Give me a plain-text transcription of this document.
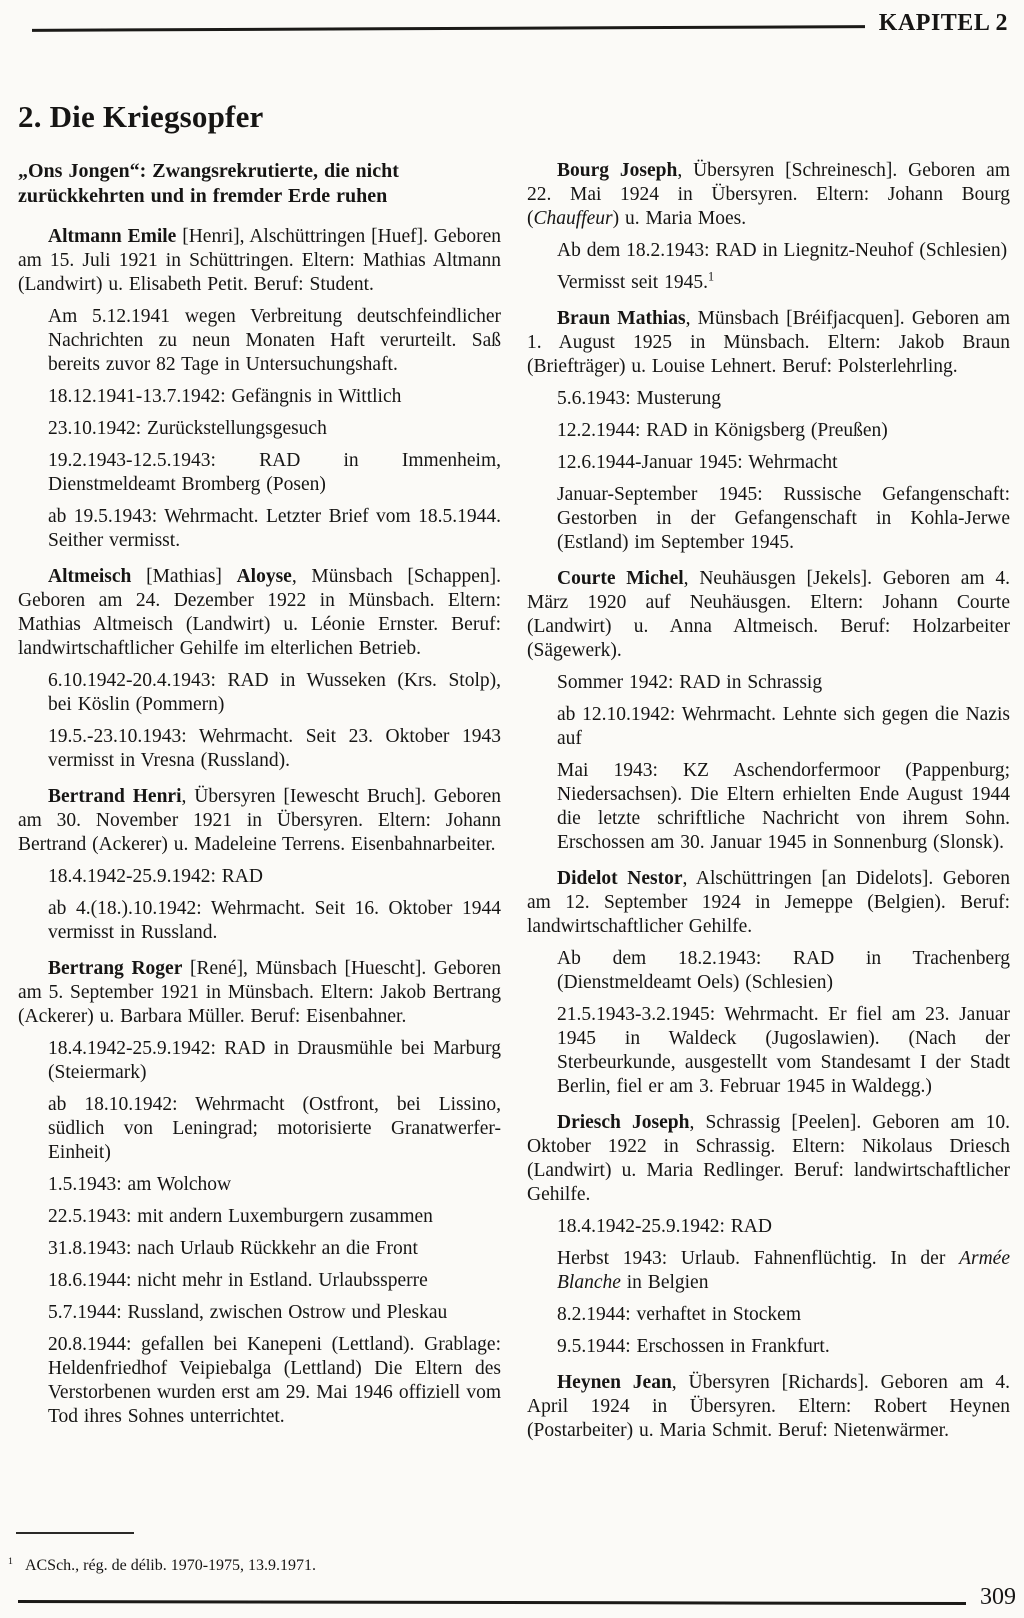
KAPITEL 2
2. Die Kriegsopfer

„Ons Jongen“: Zwangsrekrutierte, die nicht zurückkehrten und in fremder Erde ruhen

Altmann Emile [Henri], Alschüttringen [Huef]. Geboren am 15. Juli 1921 in Schüttringen. Eltern: Mathias Altmann (Landwirt) u. Elisabeth Petit. Beruf: Student.

Am 5.12.1941 wegen Verbreitung deutschfeindlicher Nachrichten zu neun Monaten Haft verurteilt. Saß bereits zuvor 82 Tage in Untersuchungshaft.

18.12.1941-13.7.1942: Gefängnis in Wittlich

23.10.1942: Zurückstellungsgesuch

19.2.1943-12.5.1943: RAD in Immenheim, Dienstmeldeamt Bromberg (Posen)

ab 19.5.1943: Wehrmacht. Letzter Brief vom 18.5.1944. Seither vermisst.

Altmeisch [Mathias] Aloyse, Münsbach [Schappen]. Geboren am 24. Dezember 1922 in Münsbach. Eltern: Mathias Altmeisch (Landwirt) u. Léonie Ernster. Beruf: landwirtschaftlicher Gehilfe im elterlichen Betrieb.

6.10.1942-20.4.1943: RAD in Wusseken (Krs. Stolp), bei Köslin (Pommern)

19.5.-23.10.1943: Wehrmacht. Seit 23. Oktober 1943 vermisst in Vresna (Russland).

Bertrand Henri, Übersyren [Iewescht Bruch]. Geboren am 30. November 1921 in Übersyren. Eltern: Johann Bertrand (Ackerer) u. Madeleine Terrens. Eisenbahnarbeiter.

18.4.1942-25.9.1942: RAD

ab 4.(18.).10.1942: Wehrmacht. Seit 16. Oktober 1944 vermisst in Russland.

Bertrang Roger [René], Münsbach [Huescht]. Geboren am 5. September 1921 in Münsbach. Eltern: Jakob Bertrang (Ackerer) u. Barbara Müller. Beruf: Eisenbahner.

18.4.1942-25.9.1942: RAD in Drausmühle bei Marburg (Steiermark)

ab 18.10.1942: Wehrmacht (Ostfront, bei Lissino, südlich von Leningrad; motorisierte Granatwerfer-Einheit)

1.5.1943: am Wolchow

22.5.1943: mit andern Luxemburgern zusammen

31.8.1943: nach Urlaub Rückkehr an die Front

18.6.1944: nicht mehr in Estland. Urlaubssperre

5.7.1944: Russland, zwischen Ostrow und Pleskau

20.8.1944: gefallen bei Kanepeni (Lettland). Grablage: Heldenfriedhof Veipiebalga (Lettland) Die Eltern des Verstorbenen wurden erst am 29. Mai 1946 offiziell vom Tod ihres Sohnes unterrichtet.

Bourg Joseph, Übersyren [Schreinesch]. Geboren am 22. Mai 1924 in Übersyren. Eltern: Johann Bourg (Chauffeur) u. Maria Moes.

Ab dem 18.2.1943: RAD in Liegnitz-Neuhof (Schlesien)

Vermisst seit 1945.$^1$

Braun Mathias, Münsbach [Bréifjacquen]. Geboren am 1. August 1925 in Münsbach. Eltern: Jakob Braun (Briefträger) u. Louise Lehnert. Beruf: Polsterlehrling.

5.6.1943: Musterung

12.2.1944: RAD in Königsberg (Preußen)

12.6.1944-Januar 1945: Wehrmacht

Januar-September 1945: Russische Gefangenschaft: Gestorben in der Gefangenschaft in Kohla-Jerwe (Estland) im September 1945.

Courte Michel, Neuhäusgen [Jekels]. Geboren am 4. März 1920 auf Neuhäusgen. Eltern: Johann Courte (Landwirt) u. Anna Altmeisch. Beruf: Holzarbeiter (Sägewerk).

Sommer 1942: RAD in Schrassig

ab 12.10.1942: Wehrmacht. Lehnte sich gegen die Nazis auf

Mai 1943: KZ Aschendorfermoor (Pappenburg; Niedersachsen). Die Eltern erhielten Ende August 1944 die letzte schriftliche Nachricht von ihrem Sohn. Erschossen am 30. Januar 1945 in Sonnenburg (Slonsk).

Didelot Nestor, Alschüttringen [an Didelots]. Geboren am 12. September 1924 in Jemeppe (Belgien). Beruf: landwirtschaftlicher Gehilfe.

Ab dem 18.2.1943: RAD in Trachenberg (Dienstmeldeamt Oels) (Schlesien)

21.5.1943-3.2.1945: Wehrmacht. Er fiel am 23. Januar 1945 in Waldeck (Jugoslawien). (Nach der Sterbeurkunde, ausgestellt vom Standesamt I der Stadt Berlin, fiel er am 3. Februar 1945 in Waldegg.)

Driesch Joseph, Schrassig [Peelen]. Geboren am 10. Oktober 1922 in Schrassig. Eltern: Nikolaus Driesch (Landwirt) u. Maria Redlinger. Beruf: landwirtschaftlicher Gehilfe.

18.4.1942-25.9.1942: RAD

Herbst 1943: Urlaub. Fahnenflüchtig. In der Armée Blanche in Belgien

8.2.1944: verhaftet in Stockem

9.5.1944: Erschossen in Frankfurt.

Heynen Jean, Übersyren [Richards]. Geboren am 4. April 1924 in Übersyren. Eltern: Robert Heynen (Postarbeiter) u. Maria Schmit. Beruf: Nietenwärmer.

$^1$ ACSch., rég. de délib. 1970-1975, 13.9.1971.
309
